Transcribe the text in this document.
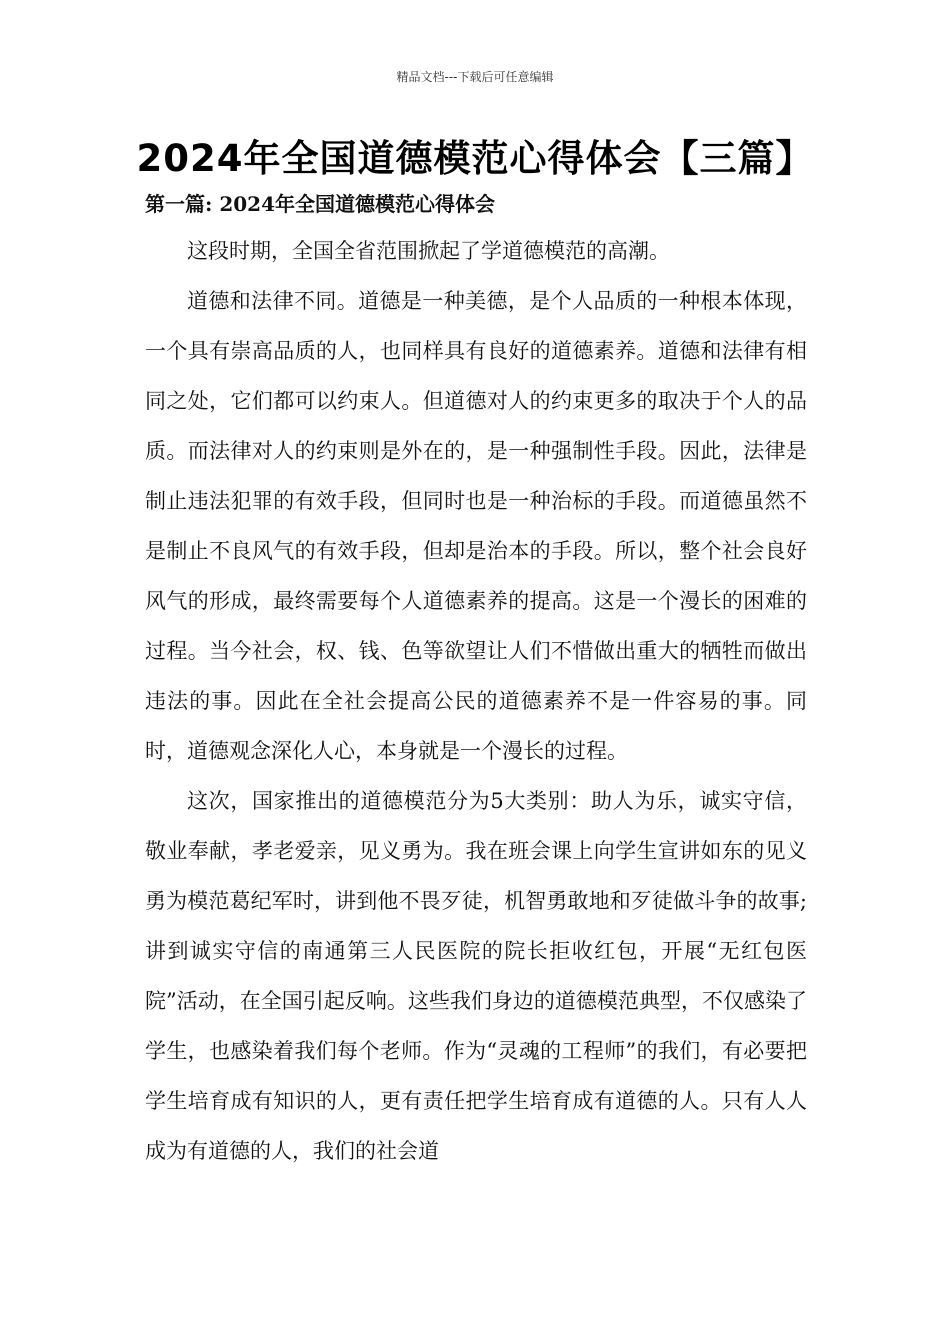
精品文档---下载后可任意编辑
2024年全国道德模范心得体会【三篇】
第一篇: 2024年全国道德模范心得体会

这段时期，全国全省范围掀起了学道德模范的高潮。

道德和法律不同。道德是一种美德，是个人品质的一种根本体现，一个具有崇高品质的人，也同样具有良好的道德素养。道德和法律有相同之处，它们都可以约束人。但道德对人的约束更多的取决于个人的品质。而法律对人的约束则是外在的，是一种强制性手段。因此，法律是制止违法犯罪的有效手段，但同时也是一种治标的手段。而道德虽然不是制止不良风气的有效手段，但却是治本的手段。所以，整个社会良好风气的形成，最终需要每个人道德素养的提高。这是一个漫长的困难的过程。当今社会，权、钱、色等欲望让人们不惜做出重大的牺牲而做出违法的事。因此在全社会提高公民的道德素养不是一件容易的事。同时，道德观念深化人心，本身就是一个漫长的过程。

这次，国家推出的道德模范分为5大类别：助人为乐，诚实守信，敬业奉献，孝老爱亲，见义勇为。我在班会课上向学生宣讲如东的见义勇为模范葛纪军时，讲到他不畏歹徒，机智勇敢地和歹徒做斗争的故事;讲到诚实守信的南通第三人民医院的院长拒收红包，开展“无红包医院”活动，在全国引起反响。这些我们身边的道德模范典型，不仅感染了学生，也感染着我们每个老师。作为“灵魂的工程师”的我们，有必要把学生培育成有知识的人，更有责任把学生培育成有道德的人。只有人人成为有道德的人，我们的社会道
